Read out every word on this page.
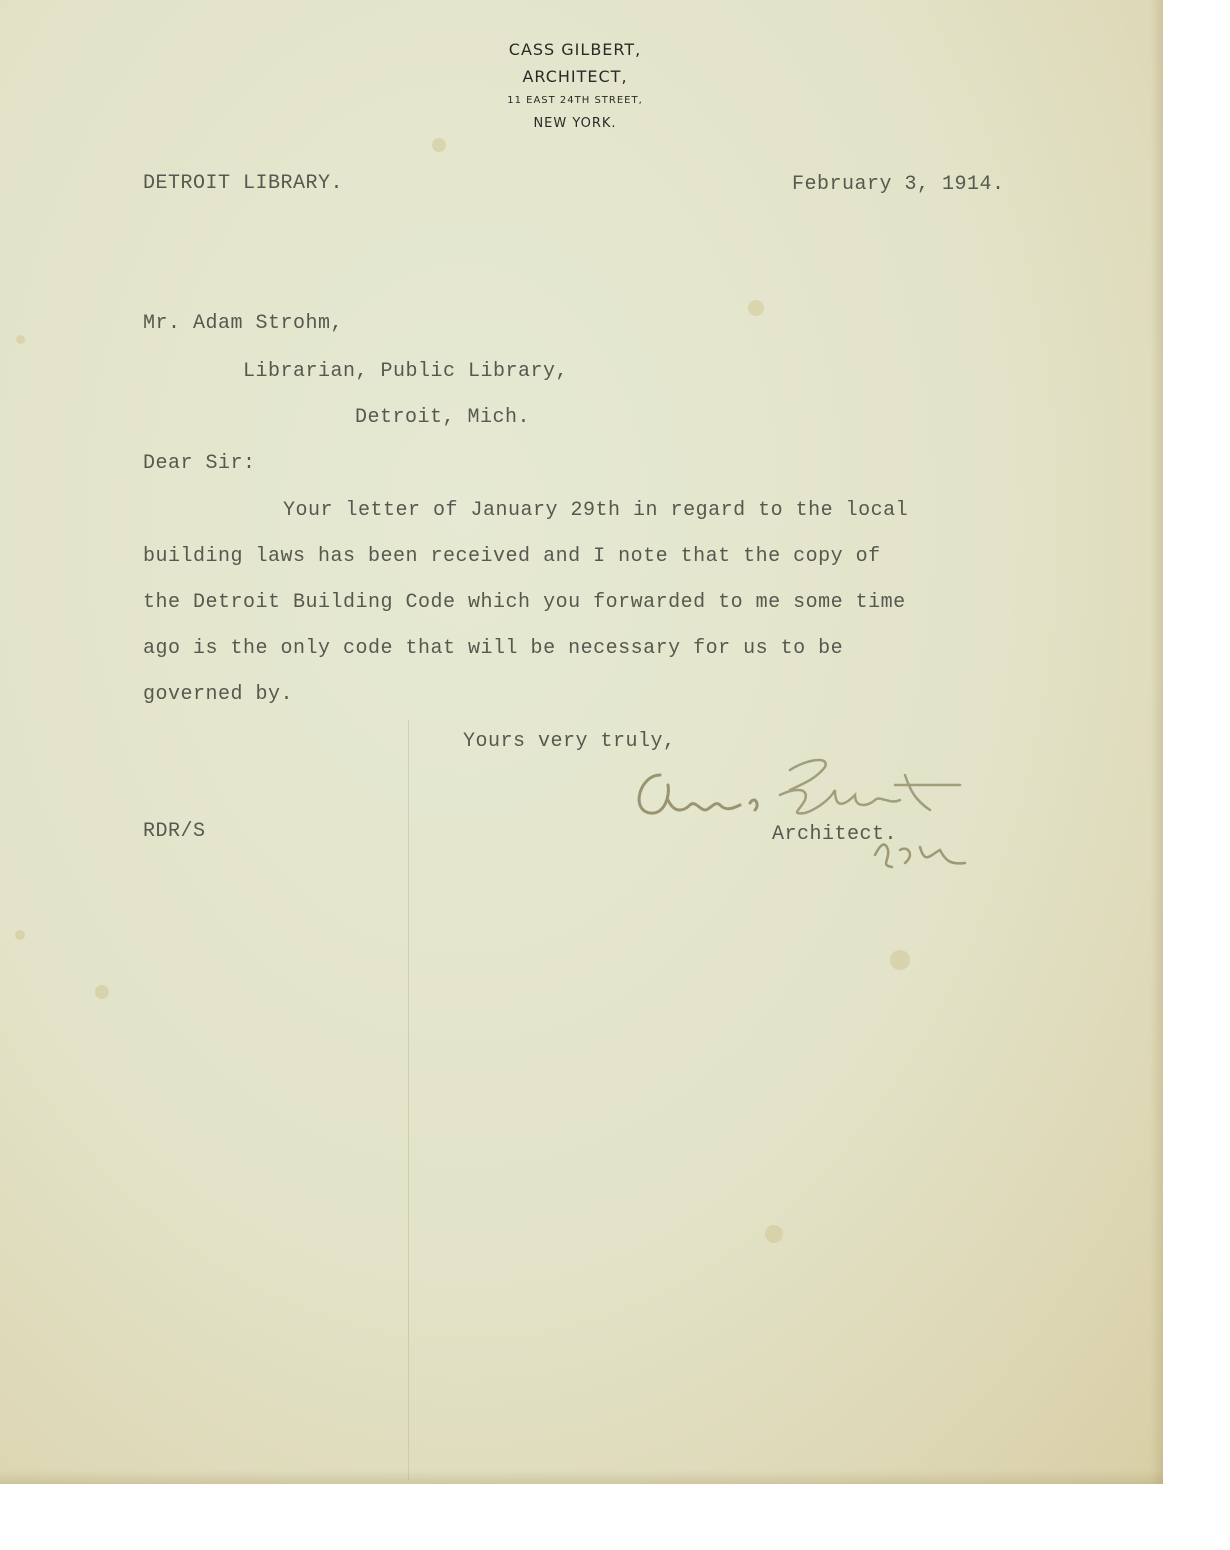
CASS GILBERT,
ARCHITECT,
11 EAST 24TH STREET,
NEW YORK.
DETROIT LIBRARY.	February 3, 1914.
Mr. Adam Strohm,
Librarian, Public Library,
Detroit, Mich.
Dear Sir:
Your letter of January 29th in regard to the local
building laws has been received and I note that the copy of
the Detroit Building Code which you forwarded to me some time
ago is the only code that will be necessary for us to be
governed by.
Yours very truly,
RDR/S	Architect.
